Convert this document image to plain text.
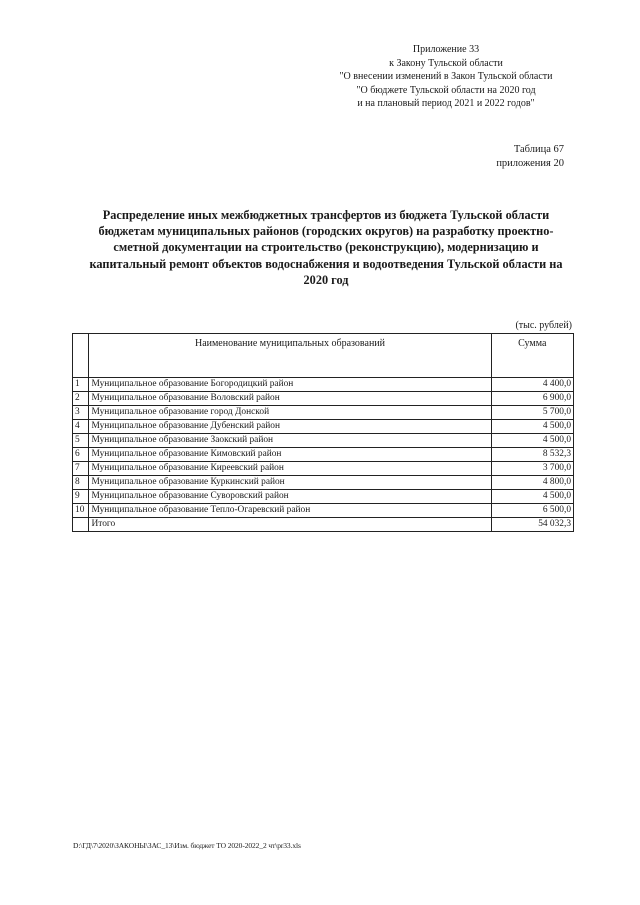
Приложение 33
к Закону Тульской области
"О внесении изменений в Закон Тульской области
"О бюджете Тульской области на 2020 год
и на плановый период 2021 и 2022 годов"
Таблица 67
приложения 20
Распределение иных межбюджетных трансфертов из бюджета Тульской области
бюджетам муниципальных районов (городских округов) на разработку проектно-
сметной документации на строительство (реконструкцию), модернизацию и
капитальный ремонт объектов водоснабжения и водоотведения Тульской области на
2020 год
(тыс. рублей)
	Наименование муниципальных образований	Сумма
1	Муниципальное образование Богородицкий район	4 400,0
2	Муниципальное образование Воловский район	6 900,0
3	Муниципальное образование город Донской	5 700,0
4	Муниципальное образование Дубенский район	4 500,0
5	Муниципальное образование Заокский район	4 500,0
6	Муниципальное образование Кимовский район	8 532,3
7	Муниципальное образование Киреевский район	3 700,0
8	Муниципальное образование Куркинский район	4 800,0
9	Муниципальное образование Суворовский район	4 500,0
10	Муниципальное образование Тепло-Огаревский район	6 500,0
	Итого	54 032,3
D:\ГД\7\2020\ЗАКОНЫ\ЗАС_13\Изм. бюджет ТО 2020-2022_2 чт\pr33.xls
